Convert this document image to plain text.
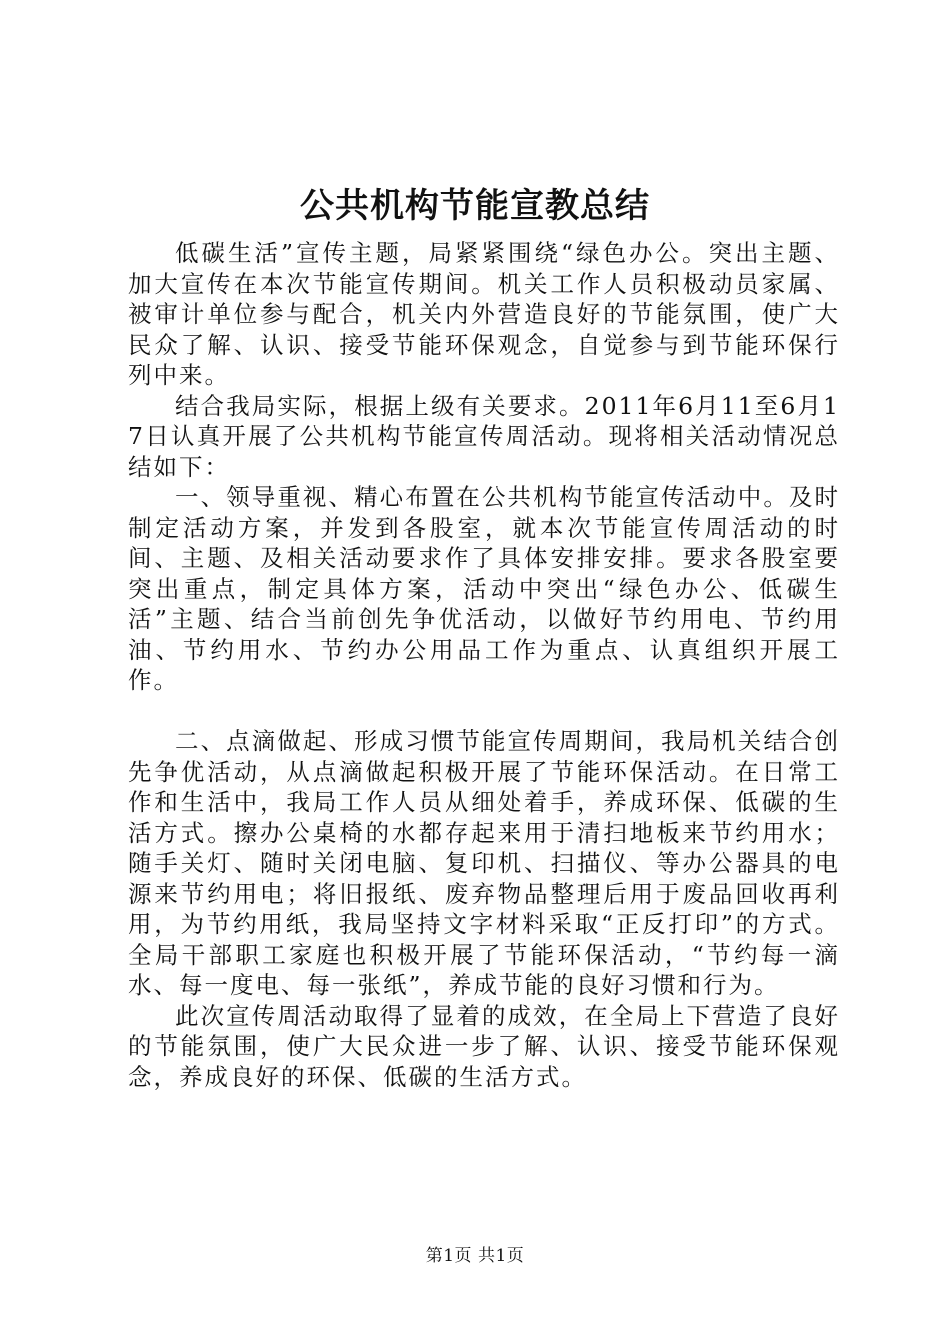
公共机构节能宣教总结

低碳生活”宣传主题，局紧紧围绕“绿色办公。突出主题、加大宣传在本次节能宣传期间。机关工作人员积极动员家属、被审计单位参与配合，机关内外营造良好的节能氛围，使广大民众了解、认识、接受节能环保观念，自觉参与到节能环保行列中来。

结合我局实际，根据上级有关要求。2011年6月11至6月17日认真开展了公共机构节能宣传周活动。现将相关活动情况总结如下：

一、领导重视、精心布置在公共机构节能宣传活动中。及时制定活动方案，并发到各股室，就本次节能宣传周活动的时间、主题、及相关活动要求作了具体安排安排。要求各股室要突出重点，制定具体方案，活动中突出“绿色办公、低碳生活”主题、结合当前创先争优活动，以做好节约用电、节约用油、节约用水、节约办公用品工作为重点、认真组织开展工作。

二、点滴做起、形成习惯节能宣传周期间，我局机关结合创先争优活动，从点滴做起积极开展了节能环保活动。在日常工作和生活中，我局工作人员从细处着手，养成环保、低碳的生活方式。擦办公桌椅的水都存起来用于清扫地板来节约用水；随手关灯、随时关闭电脑、复印机、扫描仪、等办公器具的电源来节约用电；将旧报纸、废弃物品整理后用于废品回收再利用，为节约用纸，我局坚持文字材料采取“正反打印”的方式。全局干部职工家庭也积极开展了节能环保活动，“节约每一滴水、每一度电、每一张纸”，养成节能的良好习惯和行为。

此次宣传周活动取得了显着的成效，在全局上下营造了良好的节能氛围，使广大民众进一步了解、认识、接受节能环保观念，养成良好的环保、低碳的生活方式。

第1页 共1页
